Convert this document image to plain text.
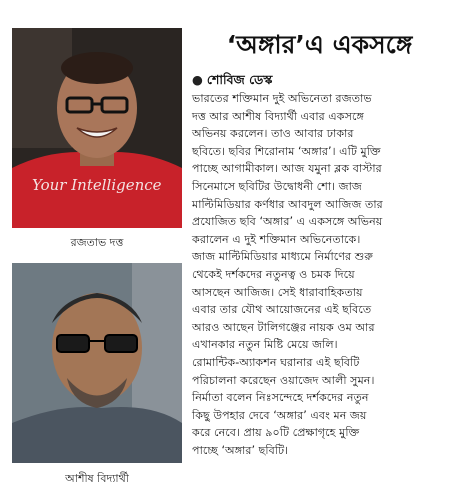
Your Intelligence
রজতাভ দত্ত
আশীষ বিদ্যার্থী
‘অঙ্গার’এ একসঙ্গে
● শোবিজ ডেস্ক
ভারতের শক্তিমান দুই অভিনেতা রজতাভ
দত্ত আর আশীষ বিদ্যার্থী এবার একসঙ্গে
অভিনয় করলেন। তাও আবার ঢাকার
ছবিতে। ছবির শিরোনাম ‘অঙ্গার’। এটি মুক্তি
পাচ্ছে আগামীকাল। আজ যমুনা ব্লক বাস্টার
সিনেমাসে ছবিটির উদ্বোধনী শো। জাজ
মাল্টিমিডিয়ার কর্ণধার আবদুল আজিজ তার
প্রযোজিত ছবি ‘অঙ্গার’ এ একসঙ্গে অভিনয়
করালেন এ দুই শক্তিমান অভিনেতাকে।
জাজ মাল্টিমিডিয়ার মাধ্যমে নির্মাণের শুরু
থেকেই দর্শকদের নতুনত্ব ও চমক দিয়ে
আসছেন আজিজ। সেই ধারাবাহিকতায়
এবার তার যৌথ আয়োজনের এই ছবিতে
আরও আছেন টালিগঞ্জের নায়ক ওম আর
এখানকার নতুন মিষ্টি মেয়ে জলি।
রোমান্টিক-অ্যাকশন ঘরানার এই ছবিটি
পরিচালনা করেছেন ওয়াজেদ আলী সুমন।
নির্মাতা বলেন নিঃসন্দেহে দর্শকদের নতুন
কিছু উপহার দেবে ‘অঙ্গার’ এবং মন জয়
করে নেবে। প্রায় ৯০টি প্রেক্ষাগৃহে মুক্তি
পাচ্ছে ‘অঙ্গার’ ছবিটি।
